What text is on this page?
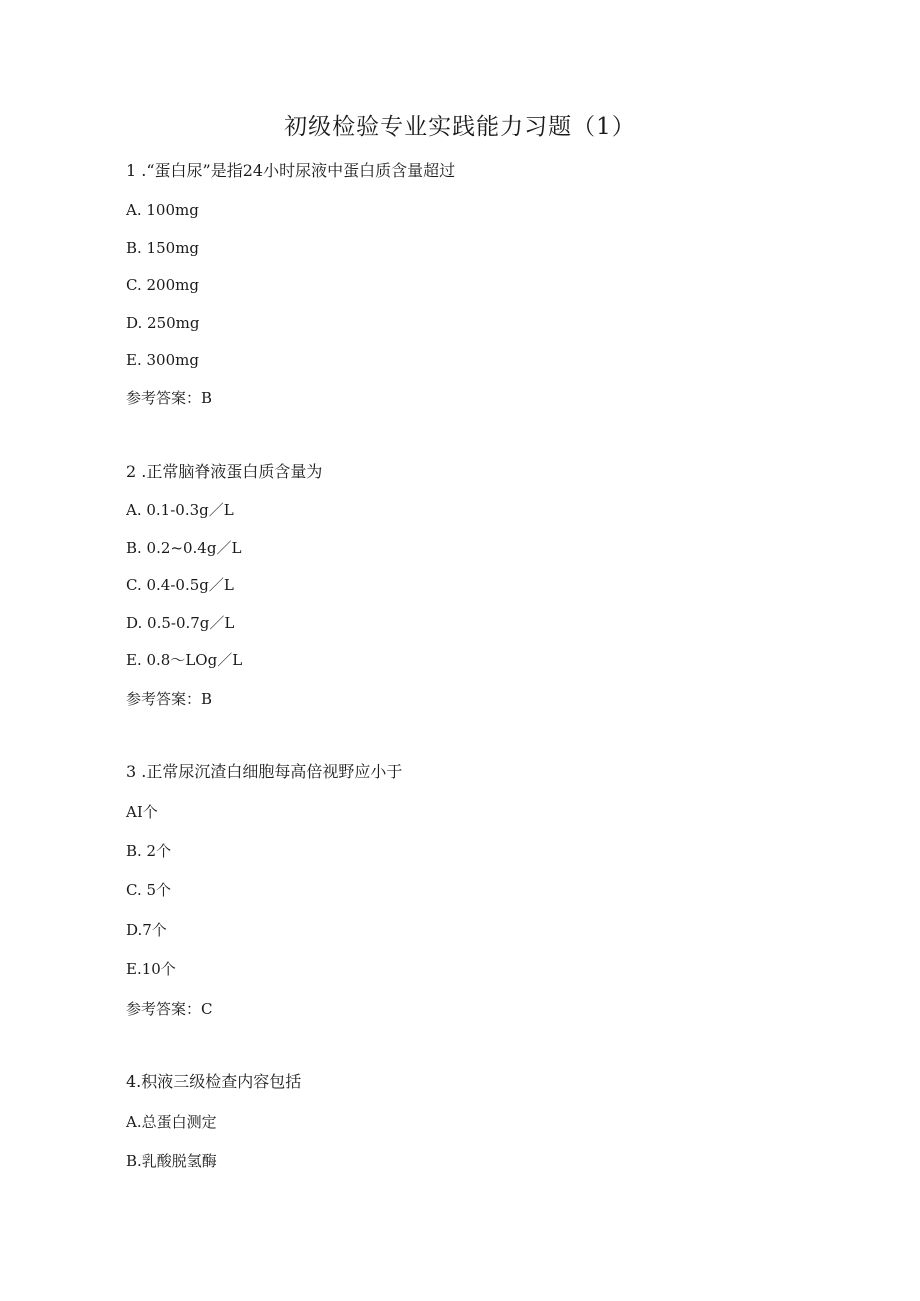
初级检验专业实践能力习题（1）
1 .“蛋白尿”是指24小时尿液中蛋白质含量超过
A. 100mg
B. 150mg
C. 200mg
D. 250mg
E. 300mg
参考答案：B
2 .正常脑脊液蛋白质含量为
A. 0.1-0.3g／L
B. 0.2~0.4g／L
C. 0.4-0.5g／L
D. 0.5-0.7g／L
E. 0.8～LOg／L
参考答案：B
3 .正常尿沉渣白细胞每高倍视野应小于
AI个
B. 2个
C. 5个
D.7个
E.10个
参考答案：C
4.积液三级检查内容包括
A.总蛋白测定
B.乳酸脱氢酶
